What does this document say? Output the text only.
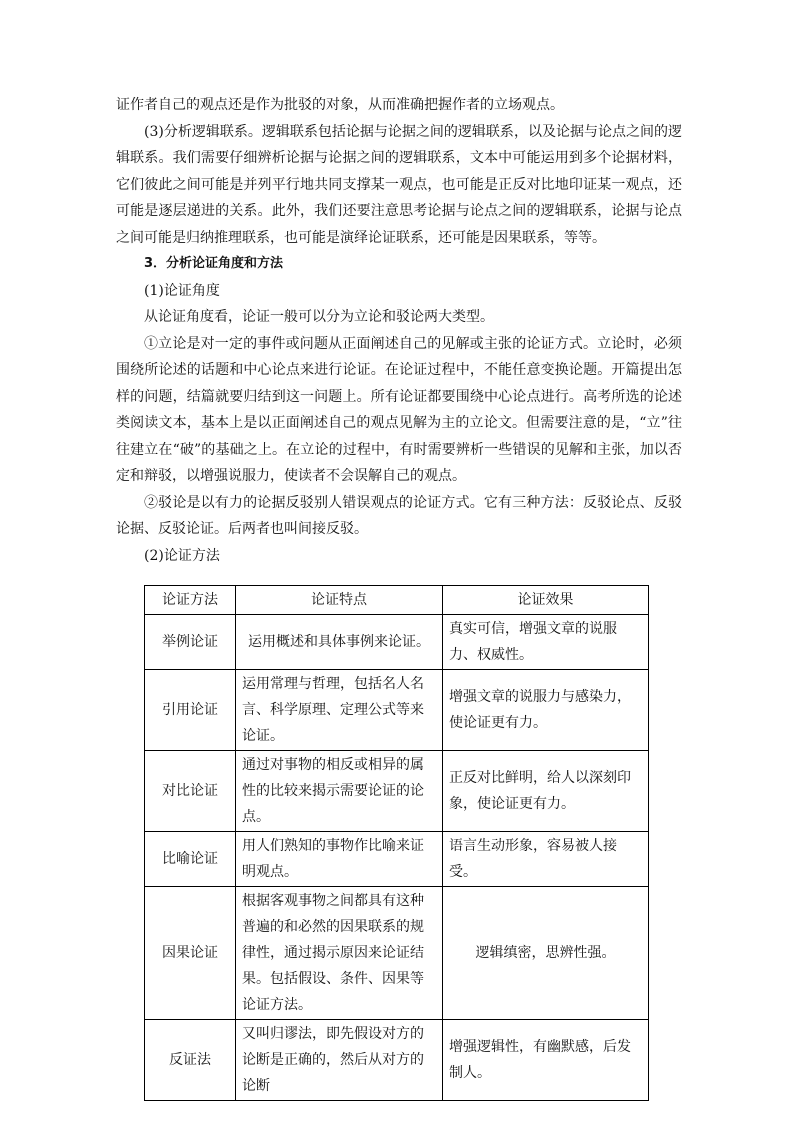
证作者自己的观点还是作为批驳的对象，从而准确把握作者的立场观点。

(3)分析逻辑联系。逻辑联系包括论据与论据之间的逻辑联系，以及论据与论点之间的逻辑联系。我们需要仔细辨析论据与论据之间的逻辑联系，文本中可能运用到多个论据材料，它们彼此之间可能是并列平行地共同支撑某一观点，也可能是正反对比地印证某一观点，还可能是逐层递进的关系。此外，我们还要注意思考论据与论点之间的逻辑联系，论据与论点之间可能是归纳推理联系，也可能是演绎论证联系，还可能是因果联系，等等。

3．分析论证角度和方法

(1)论证角度

从论证角度看，论证一般可以分为立论和驳论两大类型。

①立论是对一定的事件或问题从正面阐述自己的见解或主张的论证方式。立论时，必须围绕所论述的话题和中心论点来进行论证。在论证过程中，不能任意变换论题。开篇提出怎样的问题，结篇就要归结到这一问题上。所有论证都要围绕中心论点进行。高考所选的论述类阅读文本，基本上是以正面阐述自己的观点见解为主的立论文。但需要注意的是，“立”往往建立在“破”的基础之上。在立论的过程中，有时需要辨析一些错误的见解和主张，加以否定和辩驳，以增强说服力，使读者不会误解自己的观点。

②驳论是以有力的论据反驳别人错误观点的论证方式。它有三种方法：反驳论点、反驳论据、反驳论证。后两者也叫间接反驳。

(2)论证方法

论证方法	论证特点	论证效果
举例论证	运用概述和具体事例来论证。	真实可信，增强文章的说服力、权威性。
引用论证	运用常理与哲理，包括名人名言、科学原理、定理公式等来论证。	增强文章的说服力与感染力，使论证更有力。
对比论证	通过对事物的相反或相异的属性的比较来揭示需要论证的论点。	正反对比鲜明，给人以深刻印象，使论证更有力。
比喻论证	用人们熟知的事物作比喻来证明观点。	语言生动形象，容易被人接受。
因果论证	根据客观事物之间都具有这种普遍的和必然的因果联系的规律性，通过揭示原因来论证结果。包括假设、条件、因果等论证方法。	逻辑缜密，思辨性强。
反证法	又叫归谬法，即先假设对方的论断是正确的，然后从对方的论断	增强逻辑性，有幽默感，后发制人。
